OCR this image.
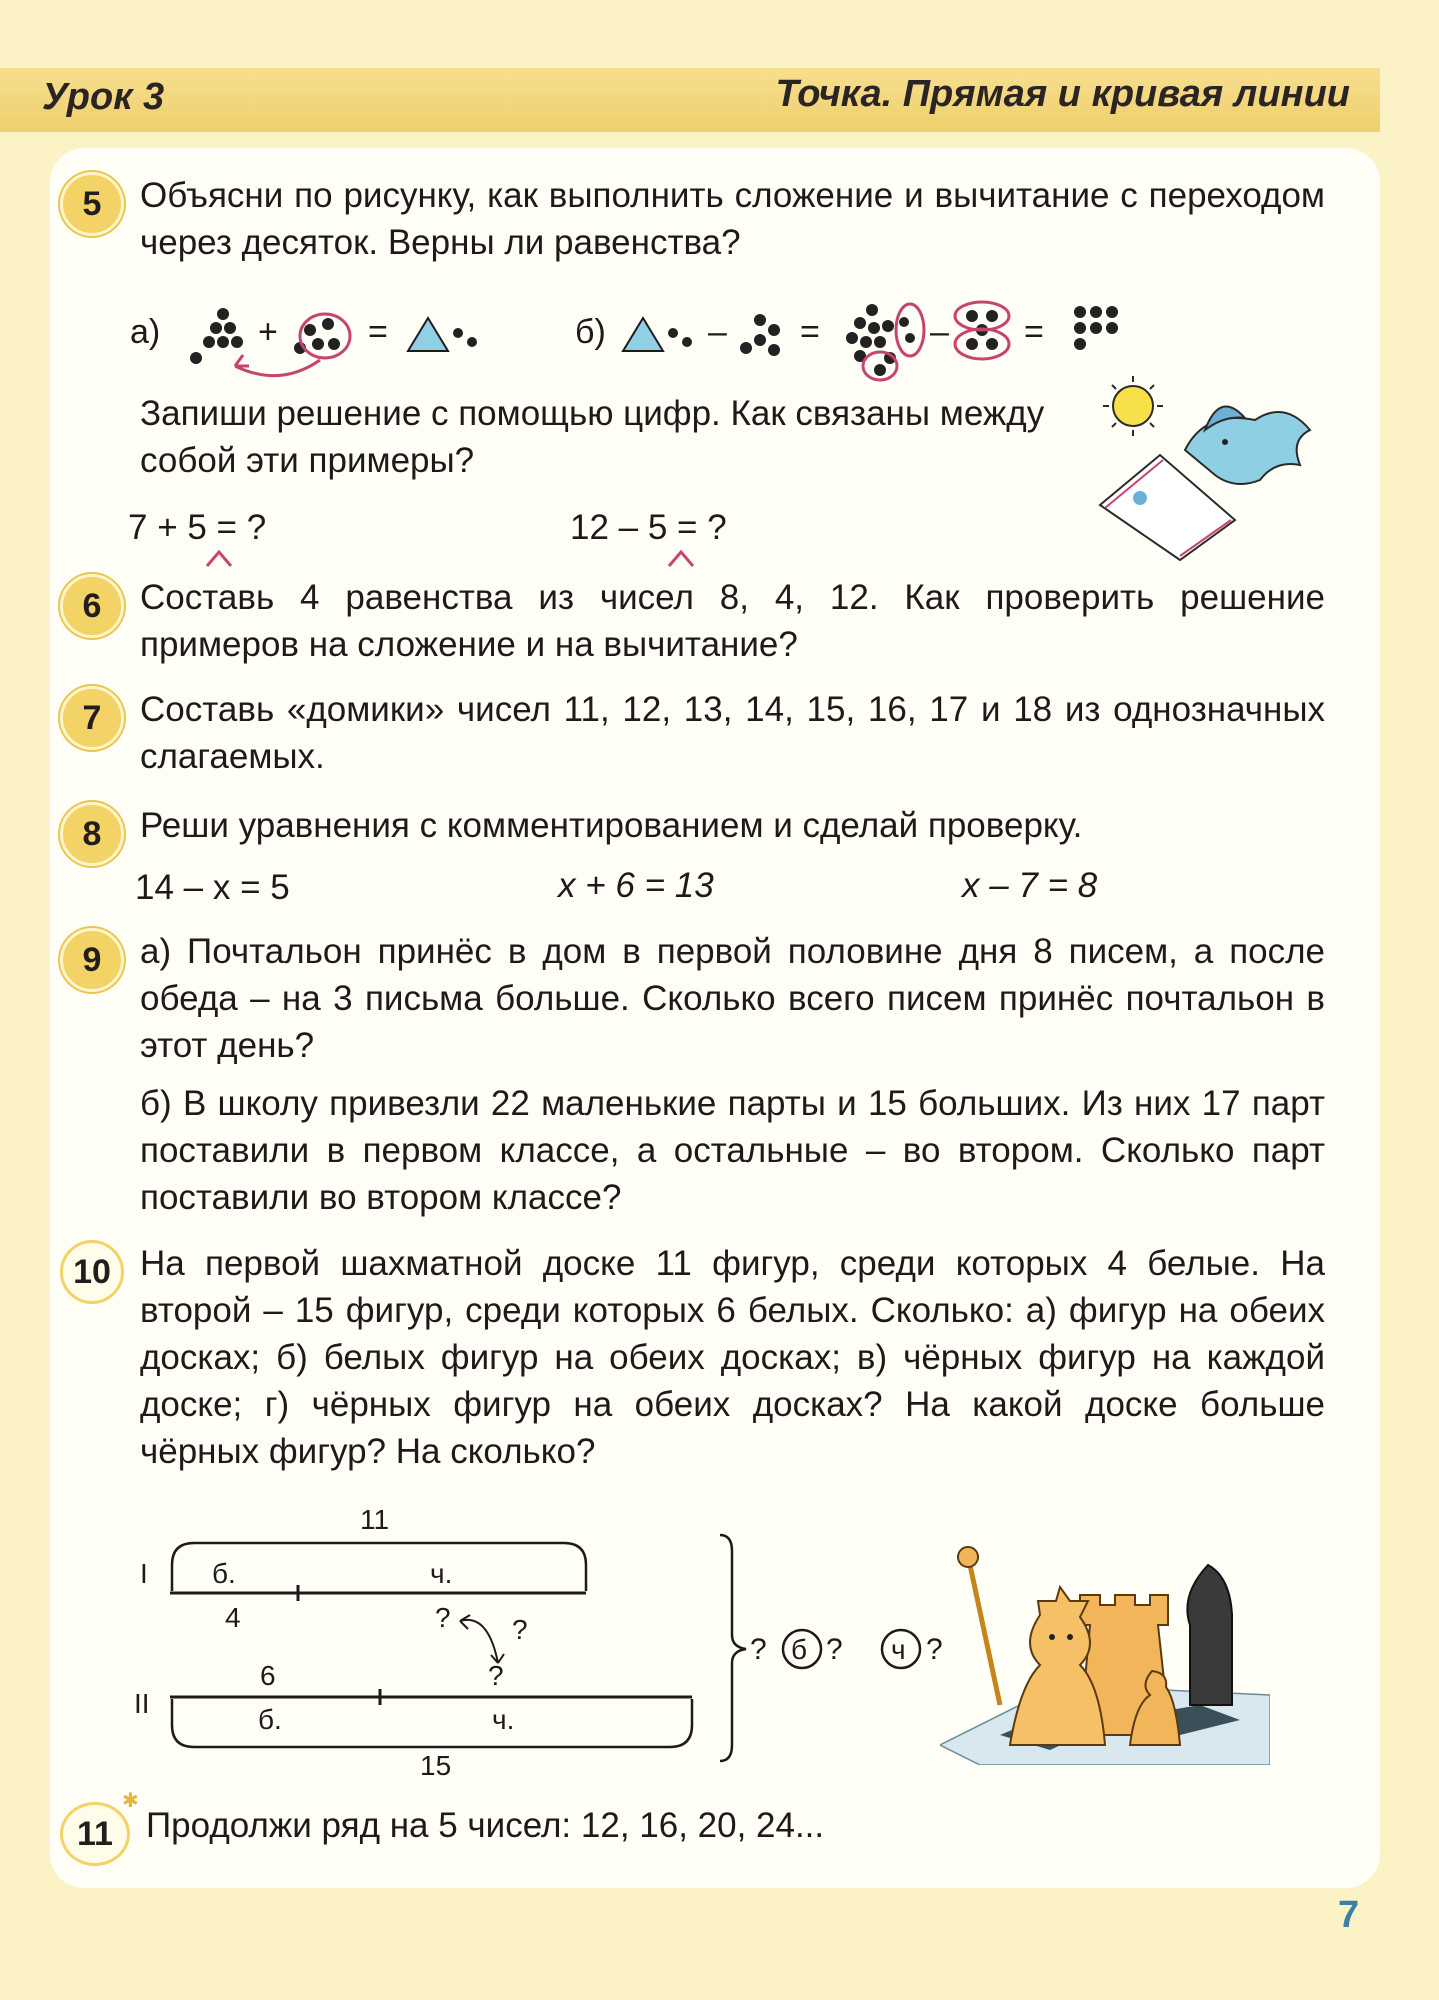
Урок 3	Точка. Прямая и кривая линии
5	Объясни по рисунку, как выполнить сложение и вычитание с переходом через десяток. Верны ли равенства?
а)	+	=	б)	– =	– =
Запиши решение с помощью цифр. Как связаны между собой эти примеры?
7 + 5 = ?	12 – 5 = ?
6	Составь 4 равенства из чисел 8, 4, 12. Как проверить решение примеров на сложение и на вычитание?
7	Составь «домики» чисел 11, 12, 13, 14, 15, 16, 17 и 18 из однозначных слагаемых.
8	Реши уравнения с комментированием и сделай проверку.
14 – x = 5	x + 6 = 13	x – 7 = 8
9	а) Почтальон принёс в дом в первой половине дня 8 писем, а после обеда – на 3 письма больше. Сколько всего писем принёс почтальон в этот день?
б) В школу привезли 22 маленькие парты и 15 больших. Из них 17 парт поставили в первом классе, а остальные – во втором. Сколько парт поставили во втором классе?
10 На первой шахматной доске 11 фигур, среди которых 4 белые. На второй – 15 фигур, среди которых 6 белых. Сколько: а) фигур на обеих досках; б) белых фигур на обеих досках; в) чёрных фигур на каждой доске; г) чёрных фигур на обеих досках? На какой доске больше чёрных фигур? На сколько?
11
I б.	ч.
4	? ?
6	?
II
б.	ч.
15
? б ? ч ?
11 Продолжи ряд на 5 чисел: 12, 16, 20, 24...
✱
7
